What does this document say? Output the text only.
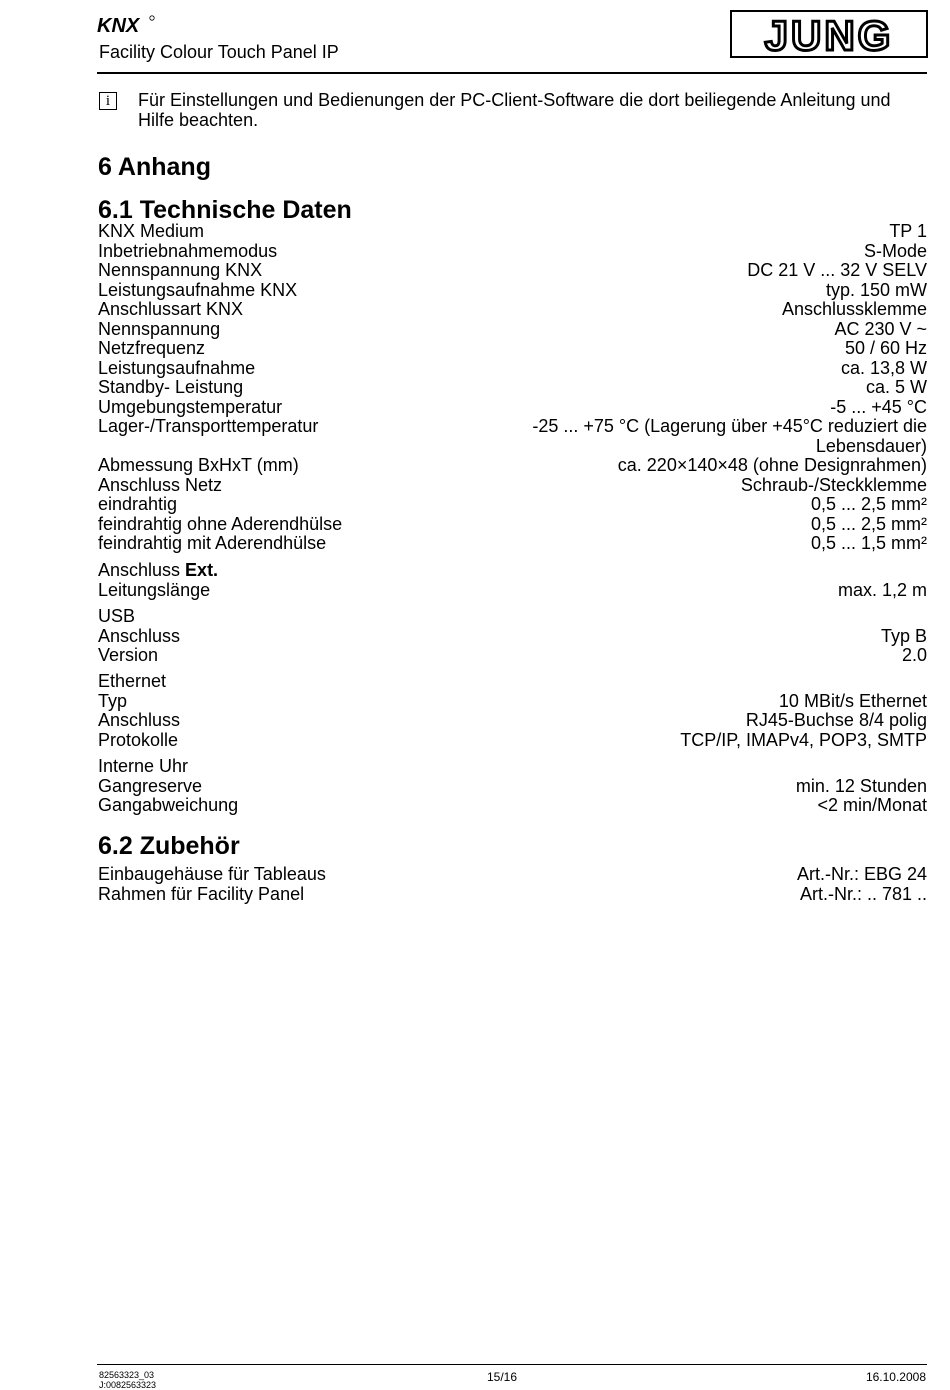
KNX
Facility Colour Touch Panel IP	JUNG
i	Für Einstellungen und Bedienungen der PC-Client-Software die dort beiliegende Anleitung und Hilfe beachten.
6 Anhang
6.1 Technische Daten
KNX Medium	TP 1
Inbetriebnahmemodus	S-Mode
Nennspannung KNX	DC 21 V ... 32 V SELV
Leistungsaufnahme KNX	typ. 150 mW
Anschlussart KNX	Anschlussklemme
Nennspannung	AC 230 V ~
Netzfrequenz	50 / 60 Hz
Leistungsaufnahme	ca. 13,8 W
Standby- Leistung	ca. 5 W
Umgebungstemperatur	-5 ... +45 °C
Lager-/Transporttemperatur	-25 ... +75 °C (Lagerung über +45°C reduziert die Lebensdauer)
Abmessung BxHxT (mm)	ca. 220×140×48 (ohne Designrahmen)
Anschluss Netz	Schraub-/Steckklemme
eindrahtig	0,5 ... 2,5 mm²
feindrahtig ohne Aderendhülse	0,5 ... 2,5 mm²
feindrahtig mit Aderendhülse	0,5 ... 1,5 mm²
Anschluss Ext.
Leitungslänge	max. 1,2 m
USB
Anschluss	Typ B
Version	2.0
Ethernet
Typ	10 MBit/s Ethernet
Anschluss	RJ45-Buchse 8/4 polig
Protokolle	TCP/IP, IMAPv4, POP3, SMTP
Interne Uhr
Gangreserve	min. 12 Stunden
Gangabweichung	<2 min/Monat
6.2 Zubehör
Einbaugehäuse für Tableaus	Art.-Nr.: EBG 24
Rahmen für Facility Panel	Art.-Nr.: .. 781 ..
82563323_03
J:0082563323
15/16	16.10.2008
